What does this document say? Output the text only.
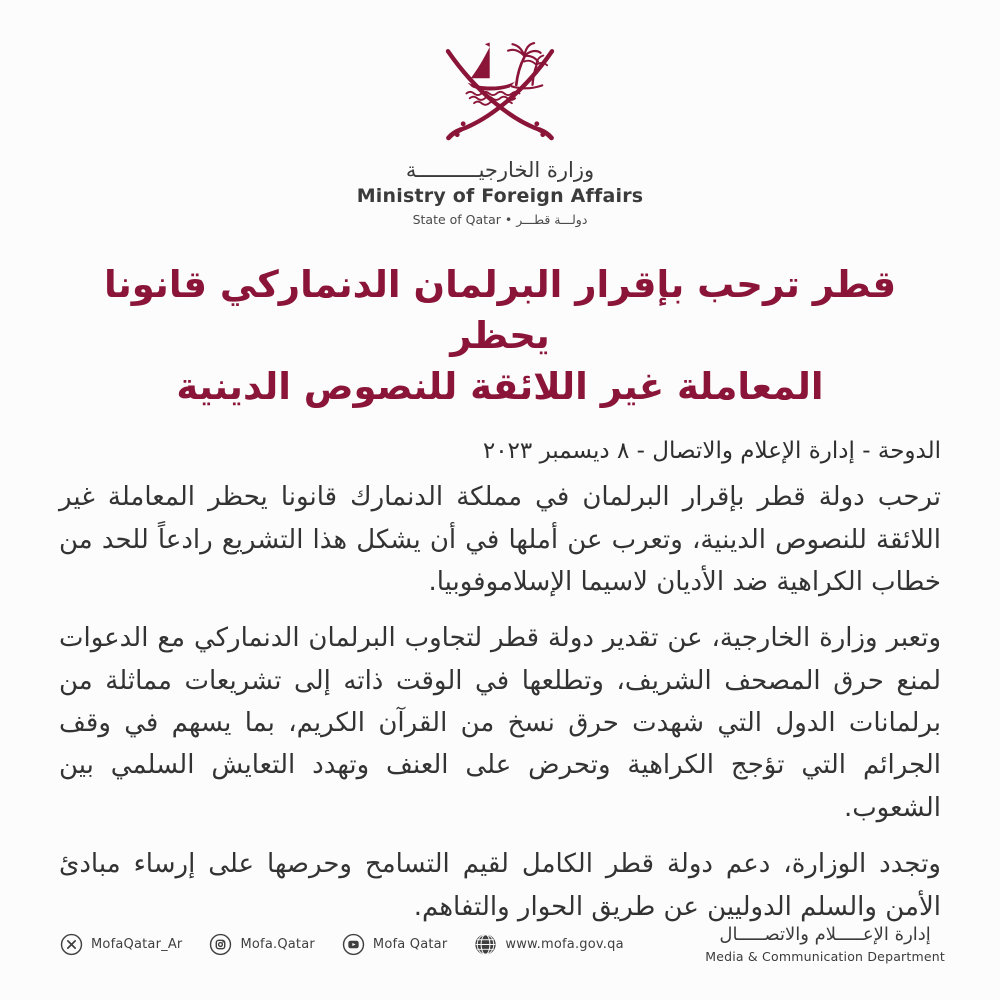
وزارة الخارجيــــــــــة
Ministry of Foreign Affairs
دولـــة قطـــر • State of Qatar
قطر ترحب بإقرار البرلمان الدنماركي قانونا يحظر
المعاملة غير اللائقة للنصوص الدينية
الدوحة - إدارة الإعلام والاتصال - ٨ ديسمبر ٢٠٢٣

ترحب دولة قطر بإقرار البرلمان في مملكة الدنمارك قانونا يحظر المعاملة غير اللائقة للنصوص الدينية، وتعرب عن أملها في أن يشكل هذا التشريع رادعاً للحد من خطاب الكراهية ضد الأديان لاسيما الإسلاموفوبيا.

وتعبر وزارة الخارجية، عن تقدير دولة قطر لتجاوب البرلمان الدنماركي مع الدعوات لمنع حرق المصحف الشريف، وتطلعها في الوقت ذاته إلى تشريعات مماثلة من برلمانات الدول التي شهدت حرق نسخ من القرآن الكريم، بما يسهم في وقف الجرائم التي تؤجج الكراهية وتحرض على العنف وتهدد التعايش السلمي بين الشعوب.

وتجدد الوزارة، دعم دولة قطر الكامل لقيم التسامح وحرصها على إرساء مبادئ الأمن والسلم الدوليين عن طريق الحوار والتفاهم.

MofaQatar_Ar	Mofa.Qatar	Mofa Qatar	www.mofa.gov.qa	إدارة الإعـــــلام والاتصـــــال
Media & Communication Department
